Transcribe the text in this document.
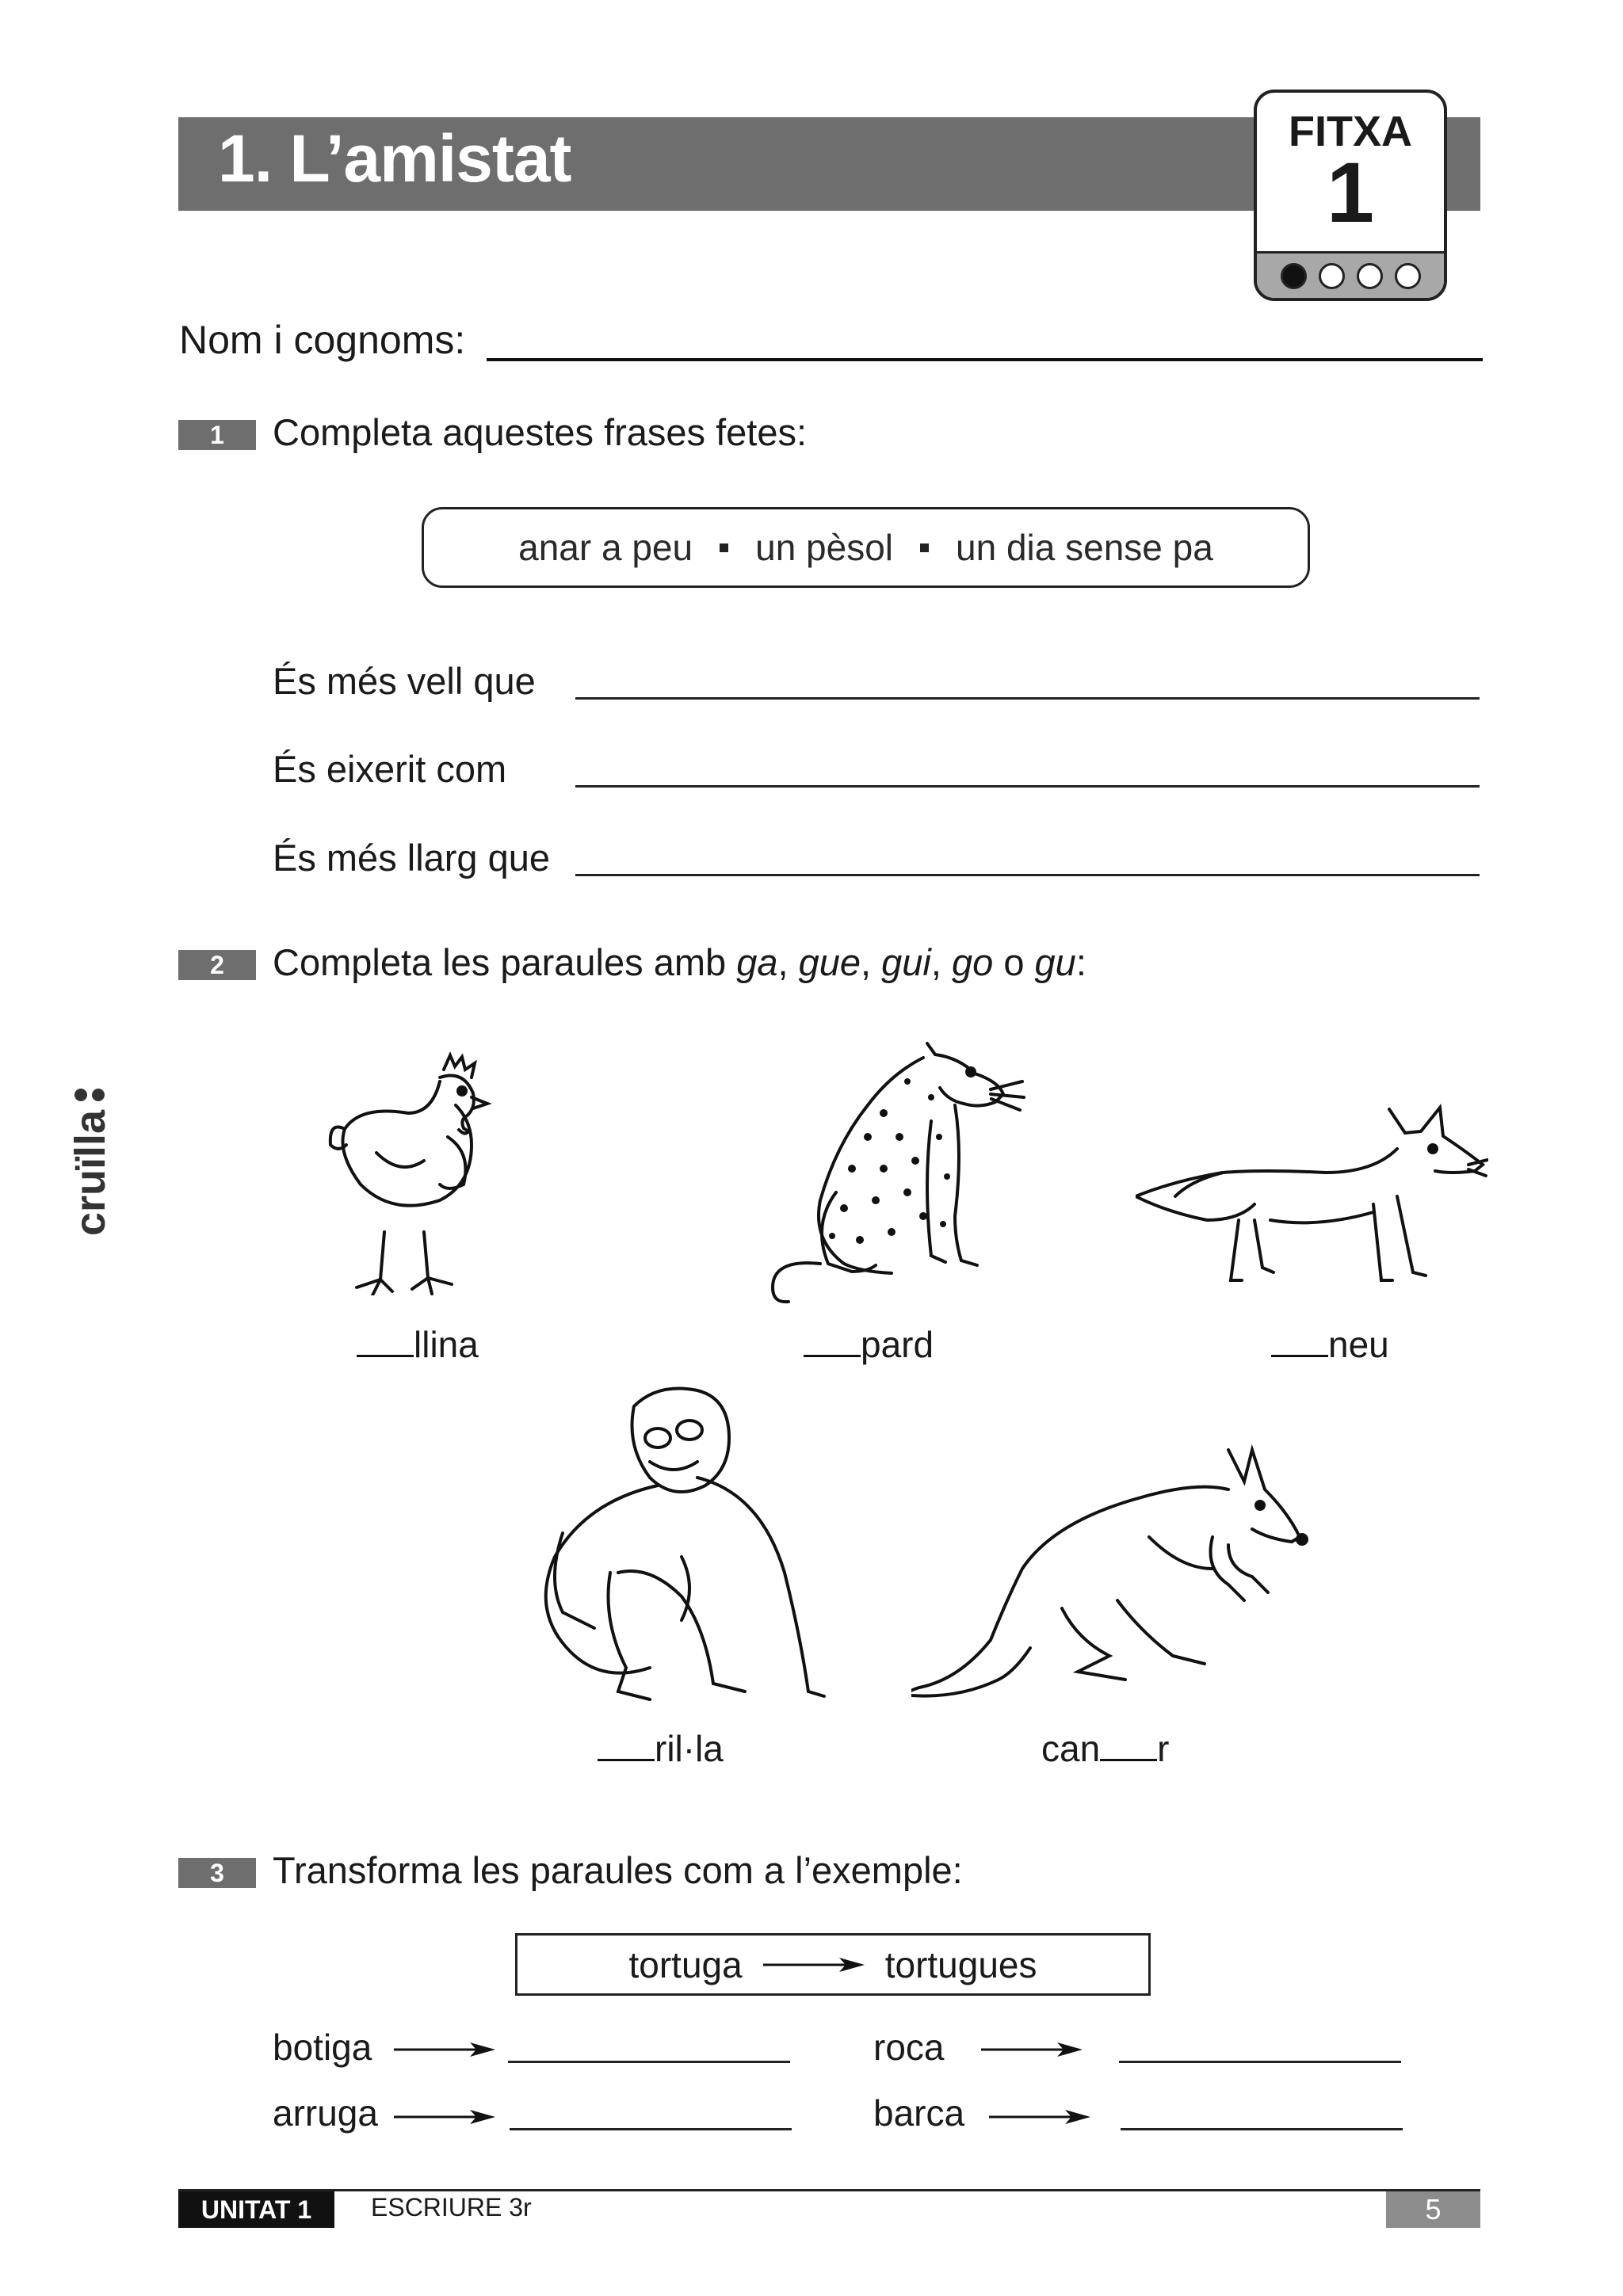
1. L’amistat	FITXA
1
Nom i cognoms:
1	Completa aquestes frases fetes:
anar a peu un pèsol un dia sense pa
És més vell que
És eixerit com
És més llarg que
2	Completa les paraules amb ga, gue, gui, go o gu:
llina	pard	neu
ril·la	can r
3	Transforma les paraules com a l’exemple:
tortuga	tortugues
botiga	roca
arruga	barca
cruïlla
UNITAT 1	ESCRIURE 3r	5
